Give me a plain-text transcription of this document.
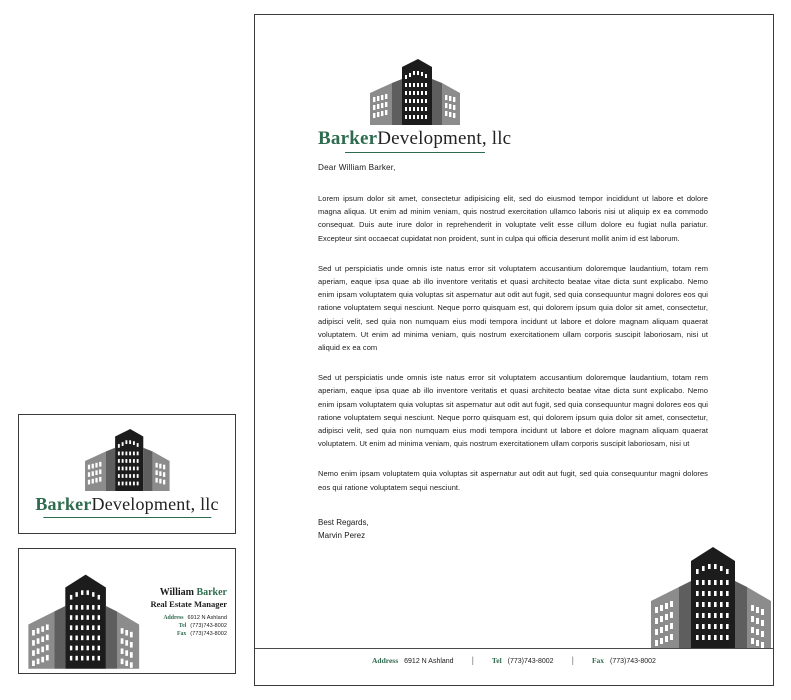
BarkerDevelopment, llc
Dear William Barker,
Lorem ipsum dolor sit amet, consectetur adipisicing elit, sed do eiusmod tempor incididunt ut labore et dolore magna aliqua. Ut enim ad minim veniam, quis nostrud exercitation ullamco laboris nisi ut aliquip ex ea commodo consequat. Duis aute irure dolor in reprehenderit in voluptate velit esse cillum dolore eu fugiat nulla pariatur. Excepteur sint occaecat cupidatat non proident, sunt in culpa qui officia deserunt mollit anim id est laborum.
Sed ut perspiciatis unde omnis iste natus error sit voluptatem accusantium doloremque laudantium, totam rem aperiam, eaque ipsa quae ab illo inventore veritatis et quasi architecto beatae vitae dicta sunt explicabo. Nemo enim ipsam voluptatem quia voluptas sit aspernatur aut odit aut fugit, sed quia consequuntur magni dolores eos qui ratione voluptatem sequi nesciunt. Neque porro quisquam est, qui dolorem ipsum quia dolor sit amet, consectetur, adipisci velit, sed quia non numquam eius modi tempora incidunt ut labore et dolore magnam aliquam quaerat voluptatem. Ut enim ad minima veniam, quis nostrum exercitationem ullam corporis suscipit laboriosam, nisi ut aliquid ex ea com
Sed ut perspiciatis unde omnis iste natus error sit voluptatem accusantium doloremque laudantium, totam rem aperiam, eaque ipsa quae ab illo inventore veritatis et quasi architecto beatae vitae dicta sunt explicabo. Nemo enim ipsam voluptatem quia voluptas sit aspernatur aut odit aut fugit, sed quia consequuntur magni dolores eos qui ratione voluptatem sequi nesciunt. Neque porro quisquam est, qui dolorem ipsum quia dolor sit amet, consectetur, adipisci velit, sed quia non numquam eius modi tempora incidunt ut labore et dolore magnam aliquam quaerat voluptatem. Ut enim ad minima veniam, quis nostrum exercitationem ullam corporis suscipit laboriosam, nisi ut
Nemo enim ipsam voluptatem quia voluptas sit aspernatur aut odit aut fugit, sed quia consequuntur magni dolores eos qui ratione voluptatem sequi nesciunt.
Best Regards,
Marvin Perez
Address 6912 N Ashland | Tel (773)743-8002 | Fax (773)743-8002
BarkerDevelopment, llc
William Barker
Real Estate Manager
Address 6912 N Ashland
Tel (773)743-8002
Fax (773)743-8002
